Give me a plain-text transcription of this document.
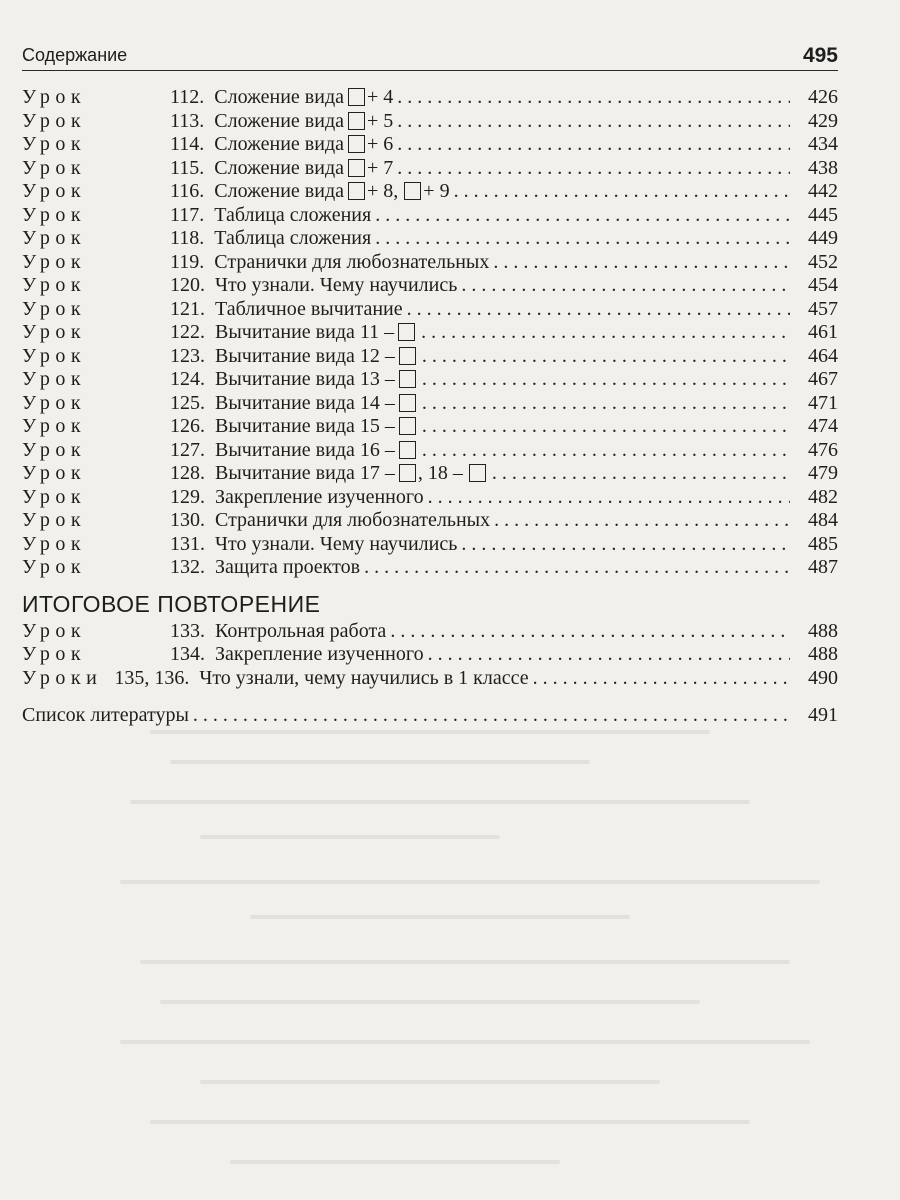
Содержание	495
Урок	112. Сложение вида + 4 . . .	426
Урок	113. Сложение вида + 5 . . .	429
Урок	114. Сложение вида + 6 . . .	434
Урок	115. Сложение вида + 7 . . .	438
Урок	116. Сложение вида + 8, + 9 . . .	442
Урок	117. Таблица сложения . . .	445
Урок	118. Таблица сложения . . .	449
Урок	119. Странички для любознательных . . .	452
Урок	120. Что узнали. Чему научились . . .	454
Урок	121. Табличное вычитание . . .	457
Урок	122. Вычитание вида 11 – . . .	461
Урок	123. Вычитание вида 12 – . . .	464
Урок	124. Вычитание вида 13 – . . .	467
Урок	125. Вычитание вида 14 – . . .	471
Урок	126. Вычитание вида 15 – . . .	474
Урок	127. Вычитание вида 16 – . . .	476
Урок	128. Вычитание вида 17 – , 18 – . . .	479
Урок	129. Закрепление изученного . . .	482
Урок	130. Странички для любознательных . . .	484
Урок	131. Что узнали. Чему научились . . .	485
Урок	132. Защита проектов . . .	487
ИТОГОВОЕ ПОВТОРЕНИЕ
Урок	133. Контрольная работа . . .	488
Урок	134. Закрепление изученного . . .	488
Уроки 135, 136. Что узнали, чему научились в 1 классе . . .	490
Список литературы . . .	491
